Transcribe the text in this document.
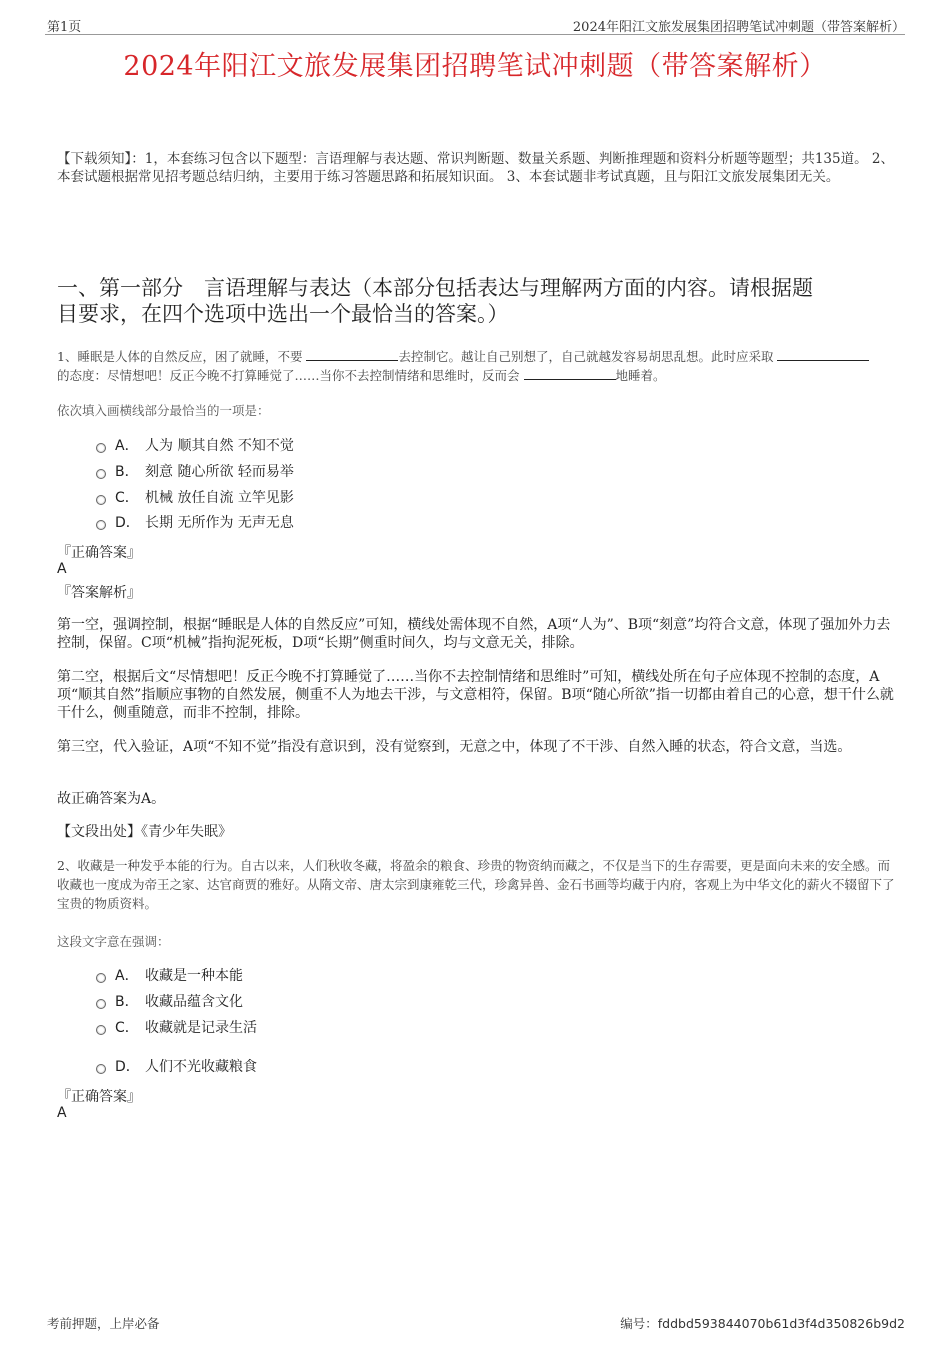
第1页	2024年阳江文旅发展集团招聘笔试冲刺题（带答案解析）
2024年阳江文旅发展集团招聘笔试冲刺题（带答案解析）
【下载须知】：1，本套练习包含以下题型：言语理解与表达题、常识判断题、数量关系题、判断推理题和资料分析题等题型；共135道。 2、本套试题根据常见招考题总结归纳，主要用于练习答题思路和拓展知识面。 3、本套试题非考试真题，且与阳江文旅发展集团无关。
一、第一部分　言语理解与表达（本部分包括表达与理解两方面的内容。请根据题
目要求，在四个选项中选出一个最恰当的答案。）
1、睡眠是人体的自然反应，困了就睡，不要	去控制它。越让自己别想了，自己就越发容易胡思乱想。此时应采取
的态度：尽情想吧！反正今晚不打算睡觉了……当你不去控制情绪和思维时，反而会	地睡着。
依次填入画横线部分最恰当的一项是：
A． 人为 顺其自然 不知不觉
B． 刻意 随心所欲 轻而易举
C． 机械 放任自流 立竿见影
D． 长期 无所作为 无声无息
『正确答案』
A
『答案解析』
第一空，强调控制，根据“睡眠是人体的自然反应”可知，横线处需体现不自然，A项“人为”、B项“刻意”均符合文意，体现了强加外力去控制，保留。C项“机械”指拘泥死板，D项“长期”侧重时间久，均与文意无关，排除。
第二空，根据后文“尽情想吧！反正今晚不打算睡觉了……当你不去控制情绪和思维时”可知，横线处所在句子应体现不控制的态度，A项“顺其自然”指顺应事物的自然发展，侧重不人为地去干涉，与文意相符，保留。B项“随心所欲”指一切都由着自己的心意，想干什么就干什么，侧重随意，而非不控制，排除。
第三空，代入验证，A项“不知不觉”指没有意识到，没有觉察到，无意之中，体现了不干涉、自然入睡的状态，符合文意，当选。
故正确答案为A。
【文段出处】《青少年失眠》
2、收藏是一种发乎本能的行为。自古以来，人们秋收冬藏，将盈余的粮食、珍贵的物资纳而藏之，不仅是当下的生存需要，更是面向未来的安全感。而收藏也一度成为帝王之家、达官商贾的雅好。从隋文帝、唐太宗到康雍乾三代，珍禽异兽、金石书画等均藏于内府，客观上为中华文化的薪火不辍留下了宝贵的物质资料。
这段文字意在强调：
A． 收藏是一种本能
B． 收藏品蕴含文化
C． 收藏就是记录生活
D． 人们不光收藏粮食
『正确答案』
A
考前押题，上岸必备	编号：fddbd593844070b61d3f4d350826b9d2
